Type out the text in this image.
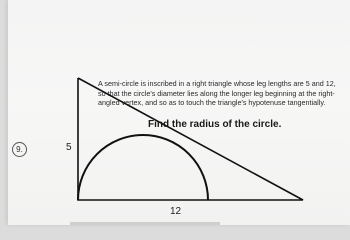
9.

A semi-circle is inscribed in a right triangle whose leg lengths are 5 and 12, so that the circle's diameter lies along the longer leg beginning at the right-angled vertex, and so as to touch the triangle's hypotenuse tangentially.

Find the radius of the circle.

5
12
